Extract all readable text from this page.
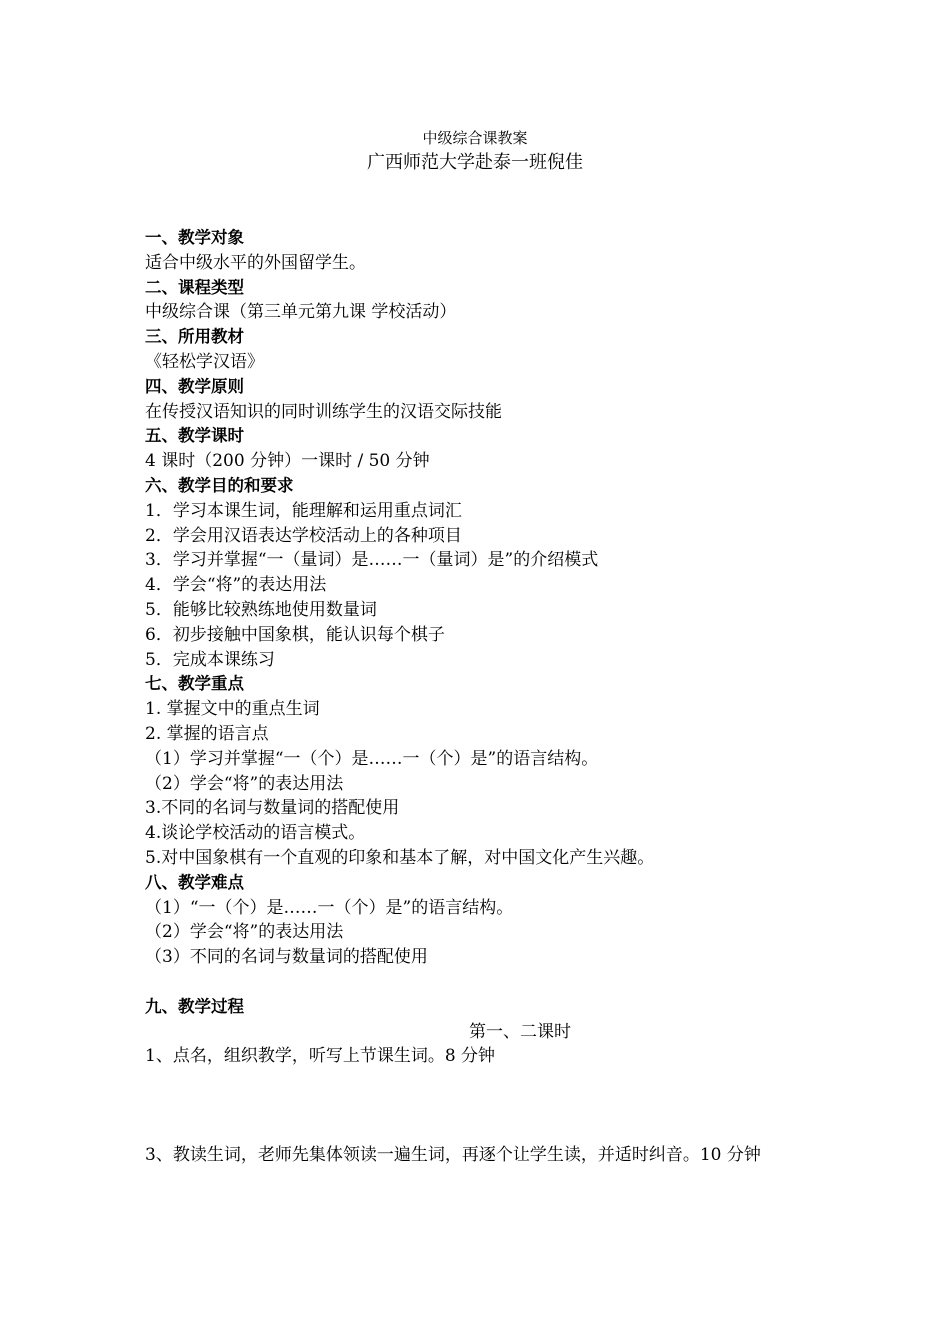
中级综合课教案
广西师范大学赴泰一班倪佳
一、教学对象
适合中级水平的外国留学生。
二、课程类型
中级综合课（第三单元第九课 学校活动）
三、所用教材
《轻松学汉语》
四、教学原则
在传授汉语知识的同时训练学生的汉语交际技能
五、教学课时
4 课时（200 分钟）一课时 / 50 分钟
六、教学目的和要求
1．学习本课生词，能理解和运用重点词汇
2．学会用汉语表达学校活动上的各种项目
3．学习并掌握“一（量词）是……一（量词）是”的介绍模式
4．学会“将”的表达用法
5．能够比较熟练地使用数量词
6．初步接触中国象棋，能认识每个棋子
5．完成本课练习
七、教学重点
1. 掌握文中的重点生词
2. 掌握的语言点
（1）学习并掌握“一（个）是……一（个）是”的语言结构。
（2）学会“将”的表达用法
3.不同的名词与数量词的搭配使用
4.谈论学校活动的语言模式。
5.对中国象棋有一个直观的印象和基本了解，对中国文化产生兴趣。
八、教学难点
（1）“一（个）是……一（个）是”的语言结构。
（2）学会“将”的表达用法
（3）不同的名词与数量词的搭配使用
九、教学过程
第一、二课时
1、点名，组织教学，听写上节课生词。8 分钟
3、教读生词，老师先集体领读一遍生词，再逐个让学生读，并适时纠音。10 分钟
